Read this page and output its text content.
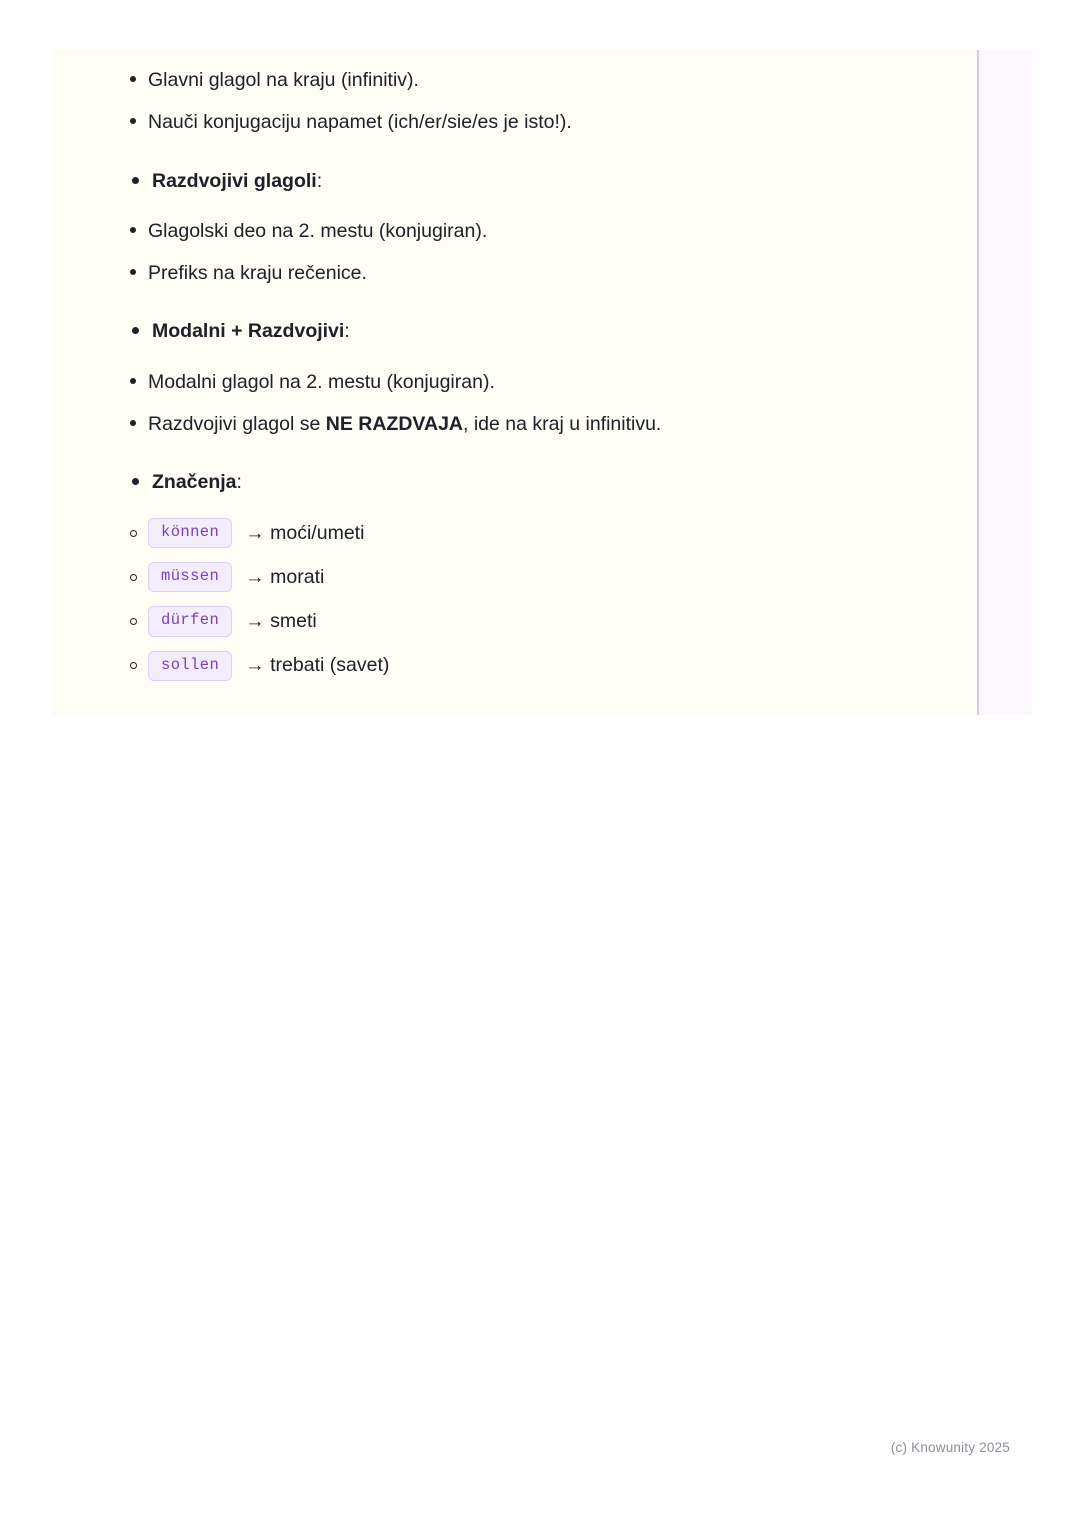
Glavni glagol na kraju (infinitiv).
Nauči konjugaciju napamet (ich/er/sie/es je isto!).
Razdvojivi glagoli:
Glagolski deo na 2. mestu (konjugiran).
Prefiks na kraju rečenice.
Modalni + Razdvojivi:
Modalni glagol na 2. mestu (konjugiran).
Razdvojivi glagol se NE RAZDVAJA, ide na kraj u infinitivu.
Značenja:
können	→ moći/umeti
müssen	→ morati
dürfen	→ smeti
sollen	→ trebati (savet)
(c) Knowunity 2025
